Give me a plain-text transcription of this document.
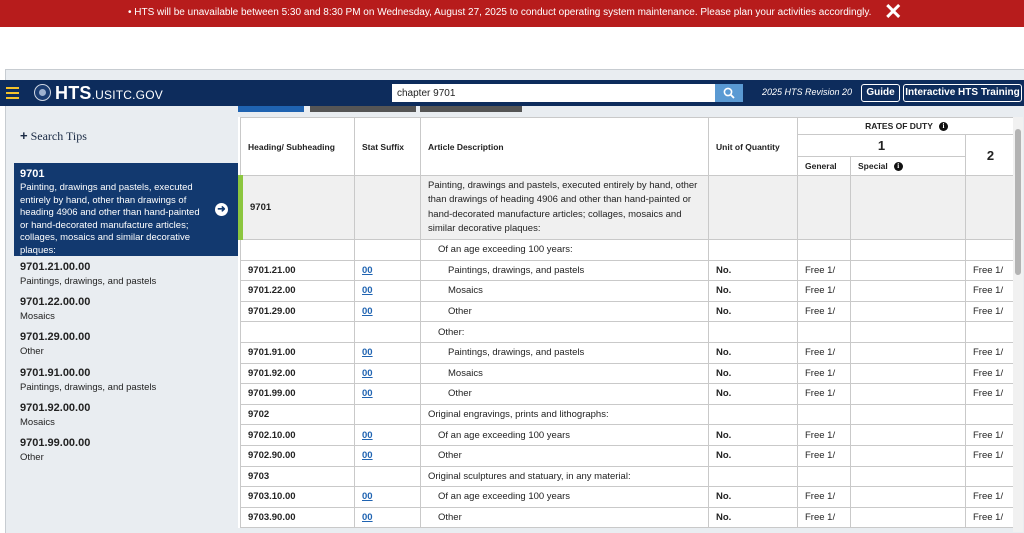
• HTS will be unavailable between 5:30 and 8:30 PM on Wednesday, August 27, 2025 to conduct operating system maintenance. Please plan your activities accordingly. ✕
HTS.USITC.GOV	2025 HTS Revision 20	Guide	Interactive HTS Training
chapter 9701
+ Search Tips
9701
Painting, drawings and pastels, executed entirely by hand, other than drawings of heading 4906 and other than hand-painted or hand-decorated manufacture articles; collages, mosaics and similar decorative plaques:
➜
9701.21.00.00
Paintings, drawings, and pastels
9701.22.00.00
Mosaics
9701.29.00.00
Other
9701.91.00.00
Paintings, drawings, and pastels
9701.92.00.00
Mosaics
9701.99.00.00
Other
Heading/ Subheading	Stat Suffix	Article Description	Unit of Quantity	RATES OF DUTY i		
				1		2
				General	Special i	
9701		Painting, drawings and pastels, executed entirely by hand, other than drawings of heading 4906 and other than hand-painted or hand-decorated manufacture articles; collages, mosaics and similar decorative plaques:				
		Of an age exceeding 100 years:				
9701.21.00	00	Paintings, drawings, and pastels	No.	Free 1/		Free 1/
9701.22.00	00	Mosaics	No.	Free 1/		Free 1/
9701.29.00	00	Other	No.	Free 1/		Free 1/
		Other:				
9701.91.00	00	Paintings, drawings, and pastels	No.	Free 1/		Free 1/
9701.92.00	00	Mosaics	No.	Free 1/		Free 1/
9701.99.00	00	Other	No.	Free 1/		Free 1/
9702		Original engravings, prints and lithographs:				
9702.10.00	00	Of an age exceeding 100 years	No.	Free 1/		Free 1/
9702.90.00	00	Other	No.	Free 1/		Free 1/
9703		Original sculptures and statuary, in any material:				
9703.10.00	00	Of an age exceeding 100 years	No.	Free 1/		Free 1/
9703.90.00	00	Other	No.	Free 1/		Free 1/
